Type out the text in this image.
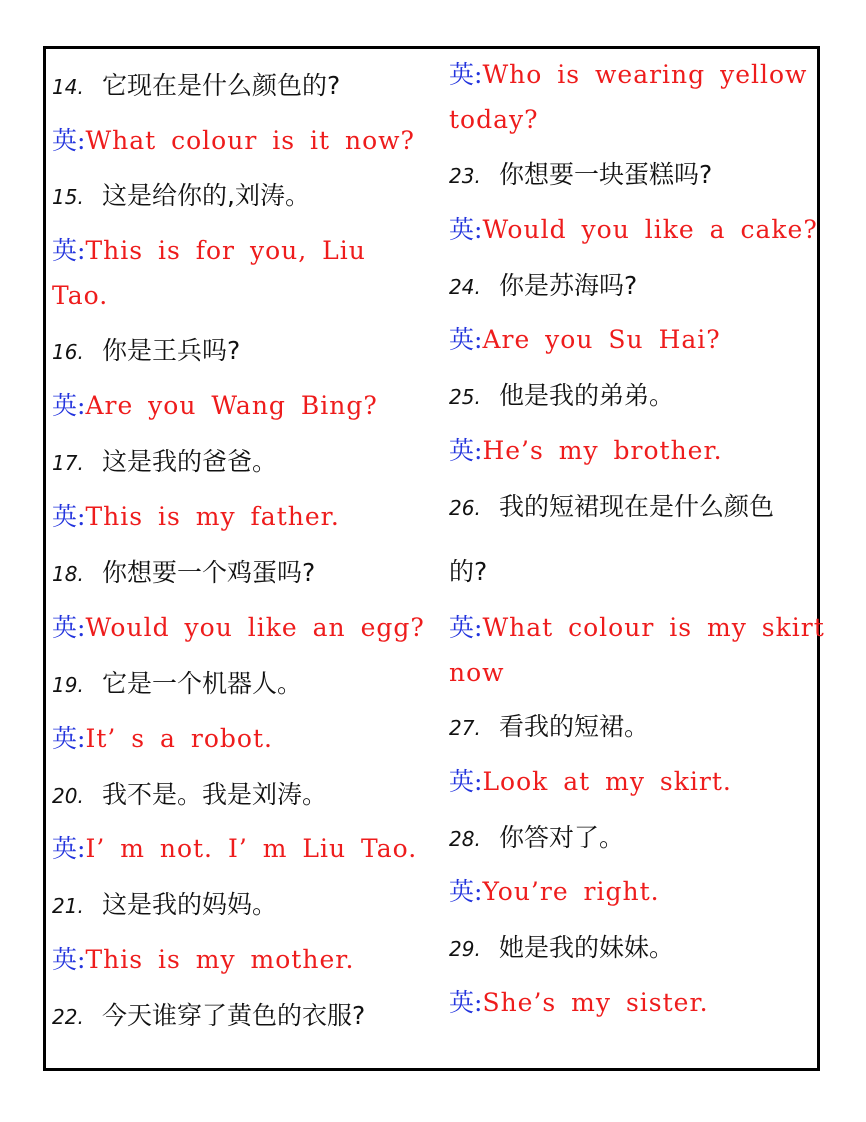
14. 它现在是什么颜色的?
英:What colour is it now?
15. 这是给你的,刘涛。
英:This is for you, Liu Tao.
16. 你是王兵吗?
英:Are you Wang Bing?
17. 这是我的爸爸。
英:This is my father.
18. 你想要一个鸡蛋吗?
英:Would you like an egg?
19. 它是一个机器人。
英:It’ s a robot.
20. 我不是。我是刘涛。
英:I’ m not. I’ m Liu Tao.
21. 这是我的妈妈。
英:This is my mother.
22. 今天谁穿了黄色的衣服?
英:Who is wearing yellow today?
23. 你想要一块蛋糕吗?
英:Would you like a cake?
24. 你是苏海吗?
英:Are you Su Hai?
25. 他是我的弟弟。
英:He’s my brother.
26. 我的短裙现在是什么颜色
的?
英:What colour is my skirt now
27. 看我的短裙。
英:Look at my skirt.
28. 你答对了。
英:You’re right.
29. 她是我的妹妹。
英:She’s my sister.
